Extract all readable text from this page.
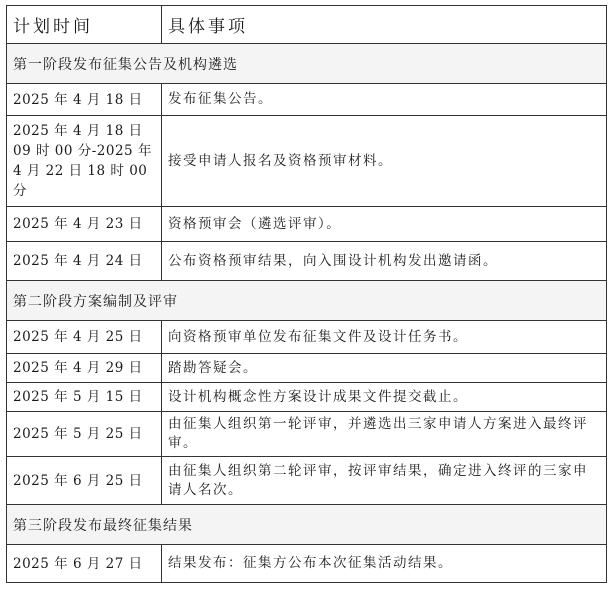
计划时间	具体事项
第一阶段发布征集公告及机构遴选	
2025 年 4 月 18 日	发布征集公告。
2025 年 4 月 18 日 09 时 00 分-2025 年 4 月 22 日 18 时 00 分	接受申请人报名及资格预审材料。
2025 年 4 月 23 日	资格预审会（遴选评审）。
2025 年 4 月 24 日	公布资格预审结果，向入围设计机构发出邀请函。
第二阶段方案编制及评审	
2025 年 4 月 25 日	向资格预审单位发布征集文件及设计任务书。
2025 年 4 月 29 日	踏勘答疑会。
2025 年 5 月 15 日	设计机构概念性方案设计成果文件提交截止。
2025 年 5 月 25 日	由征集人组织第一轮评审，并遴选出三家申请人方案进入最终评审。
2025 年 6 月 25 日	由征集人组织第二轮评审，按评审结果，确定进入终评的三家申请人名次。
第三阶段发布最终征集结果	
2025 年 6 月 27 日	结果发布：征集方公布本次征集活动结果。
